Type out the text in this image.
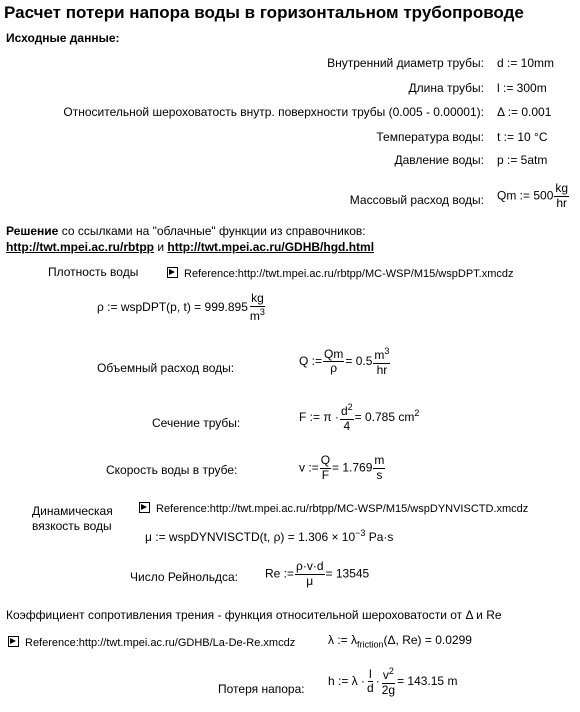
Расчет потери напора воды в горизонтальном трубопроводе
Исходные данные:
Внутренний диаметр трубы: d := 10mm
Длина трубы: l := 300m
Относительной шероховатость внутр. поверхности трубы (0.005 - 0.00001): Δ := 0.001
Температура воды: t := 10 °C
Давление воды: p := 5atm
Массовый расход воды: Qm := $500 \frac{kg}{hr}$
Решение со ссылками на "облачные" функции из справочников:
http://twt.mpei.ac.ru/rbtpp и http://twt.mpei.ac.ru/GDHB/hgd.html
Плотность воды	Reference:http://twt.mpei.ac.ru/rbtpp/MC-WSP/M15/wspDPT.xmcdz
ρ := wspDPT(p, $t) = 999.895 \frac{kg}{m^3}$
Объемный расход воды:
Q := $\frac{Qm}{\rho} = 0.5 \frac{m^3}{hr}$
Сечение трубы:	F := $\pi \cdot \frac{d^2}{4} = 0.785$ $cm^2$
Скорость воды в трубе:	v := $\frac{Q}{F} = 1.769 \frac{m}{s}$
Динамическая
вязкость воды
Reference:http://twt.mpei.ac.ru/rbtpp/MC-WSP/M15/wspDYNVISCTD.xmcdz
μ := wspDYNVISCTD(t, $\rho) = 1.306 \times 10^{-3}$ Pa·s
Число Рейнольдса: Re := $\frac{\rho\cdot v\cdot d}{\mu} = 13545$
Коэффициент сопротивления трения - функция относительной шероховатости от Δ и Re
Reference:http://twt.mpei.ac.ru/GDHB/La-De-Re.xmcdz	λ := $\lambda_{friction}(\Delta$, Re) = 0.0299
Потеря напора:
h := $\lambda \cdot \frac{l}{d} \cdot \frac{v^2}{2g} = 143.15$ m
